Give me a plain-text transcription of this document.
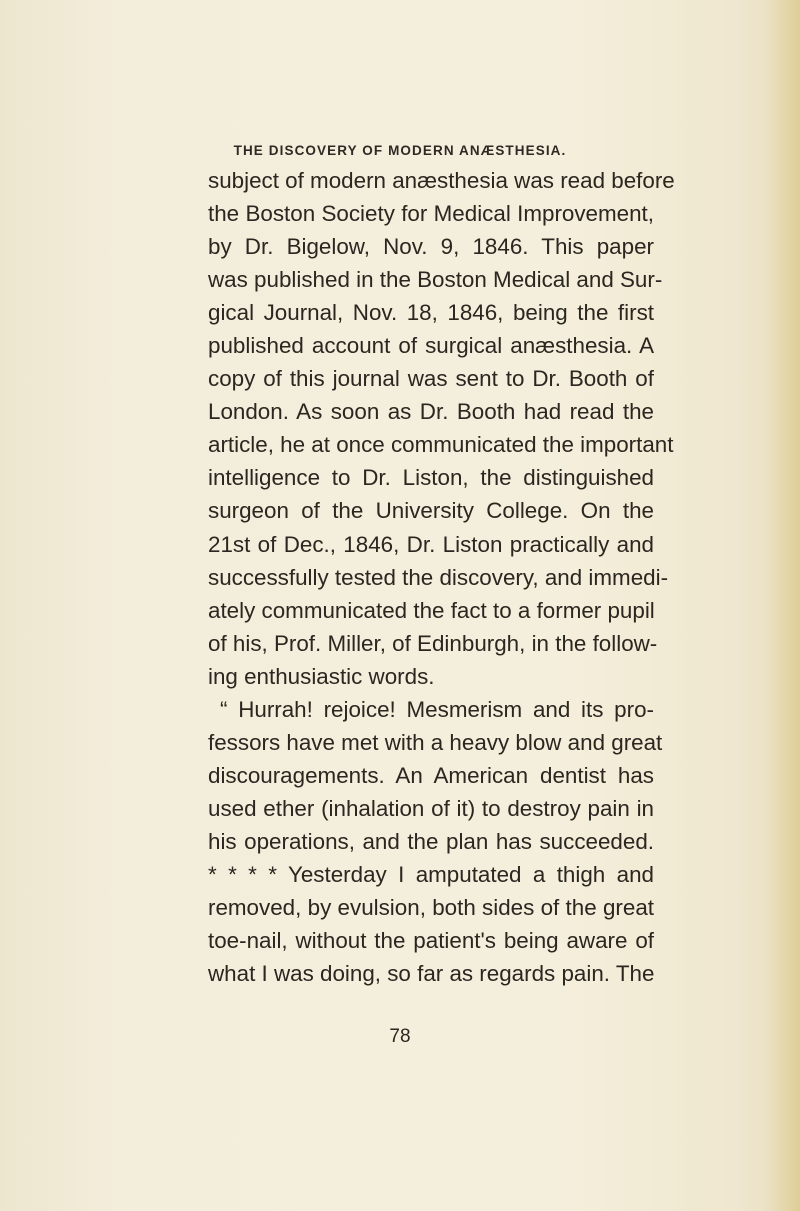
THE DISCOVERY OF MODERN ANÆSTHESIA.
subject of modern anæsthesia was read before
the Boston Society for Medical Improvement,
by Dr. Bigelow, Nov. 9, 1846. This paper
was published in the Boston Medical and Sur-
gical Journal, Nov. 18, 1846, being the first
published account of surgical anæsthesia. A
copy of this journal was sent to Dr. Booth of
London. As soon as Dr. Booth had read the
article, he at once communicated the important
intelligence to Dr. Liston, the distinguished
surgeon of the University College. On the
21st of Dec., 1846, Dr. Liston practically and
successfully tested the discovery, and immedi-
ately communicated the fact to a former pupil
of his, Prof. Miller, of Edinburgh, in the follow-
ing enthusiastic words.
“ Hurrah! rejoice! Mesmerism and its pro-
fessors have met with a heavy blow and great
discouragements. An American dentist has
used ether (inhalation of it) to destroy pain in
his operations, and the plan has succeeded.
* * * * Yesterday I amputated a thigh and
removed, by evulsion, both sides of the great
toe-nail, without the patient's being aware of
what I was doing, so far as regards pain. The
78
